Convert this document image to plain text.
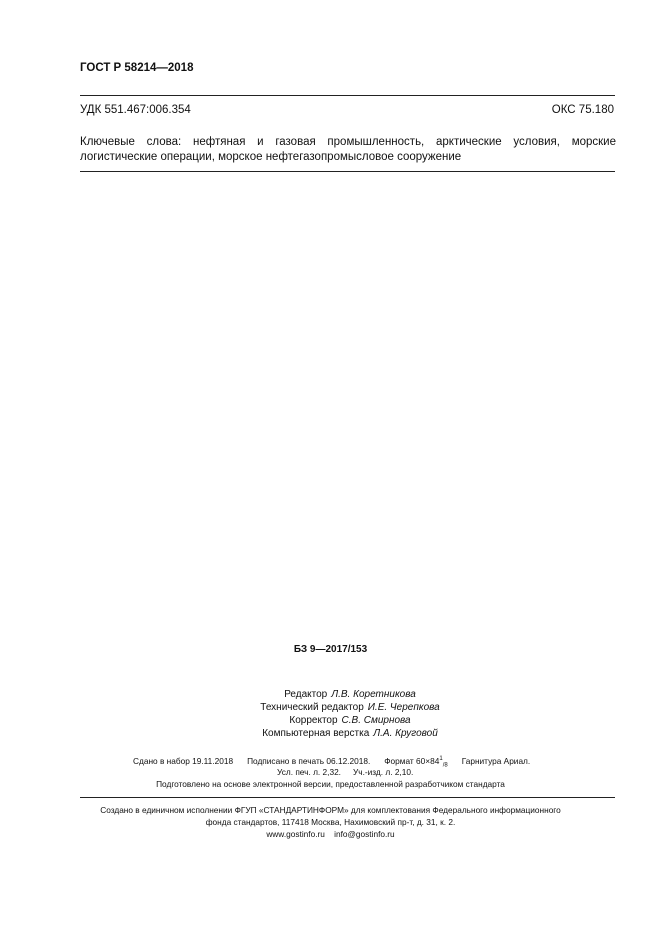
ГОСТ Р 58214—2018
УДК 551.467:006.354	ОКС 75.180
Ключевые слова: нефтяная и газовая промышленность, арктические условия, морские логистические операции, морское нефтегазопромысловое сооружение
БЗ 9—2017/153
Редактор Л.В. Коретникова
Технический редактор И.Е. Черепкова
Корректор С.В. Смирнова
Компьютерная верстка Л.А. Круговой
Сдано в набор 19.11.2018 Подписано в печать 06.12.2018. Формат $60\times 84^1_{/8}$ Гарнитура Ариал.
Усл. печ. л. 2,32. Уч.-изд. л. 2,10.
Подготовлено на основе электронной версии, предоставленной разработчиком стандарта
Создано в единичном исполнении ФГУП «СТАНДАРТИНФОРМ» для комплектования Федерального информационного
фонда стандартов, 117418 Москва, Нахимовский пр-т, д. 31, к. 2.
www.gostinfo.ru info@gostinfo.ru
